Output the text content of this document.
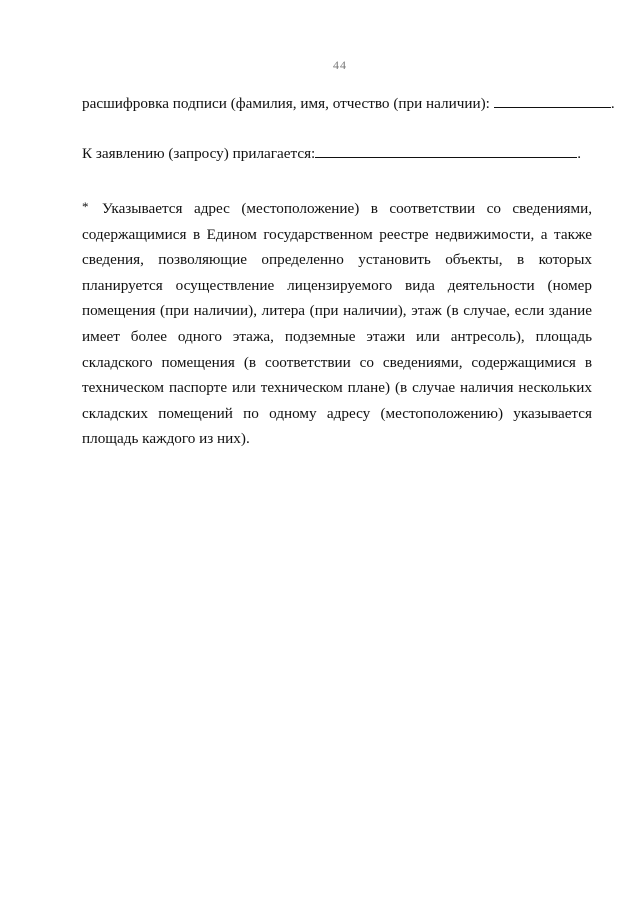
44
расшифровка подписи (фамилия, имя, отчество (при наличии):	.
К заявлению (запросу) прилагается:	.

* Указывается адрес (местоположение) в соответствии со сведениями, содержащимися в Едином государственном реестре недвижимости, а также сведения, позволяющие определенно установить объекты, в которых планируется осуществление лицензируемого вида деятельности (номер помещения (при наличии), литера (при наличии), этаж (в случае, если здание имеет более одного этажа, подземные этажи или антресоль), площадь складского помещения (в соответствии со сведениями, содержащимися в техническом паспорте или техническом плане) (в случае наличия нескольких складских помещений по одному адресу (местоположению) указывается площадь каждого из них).
